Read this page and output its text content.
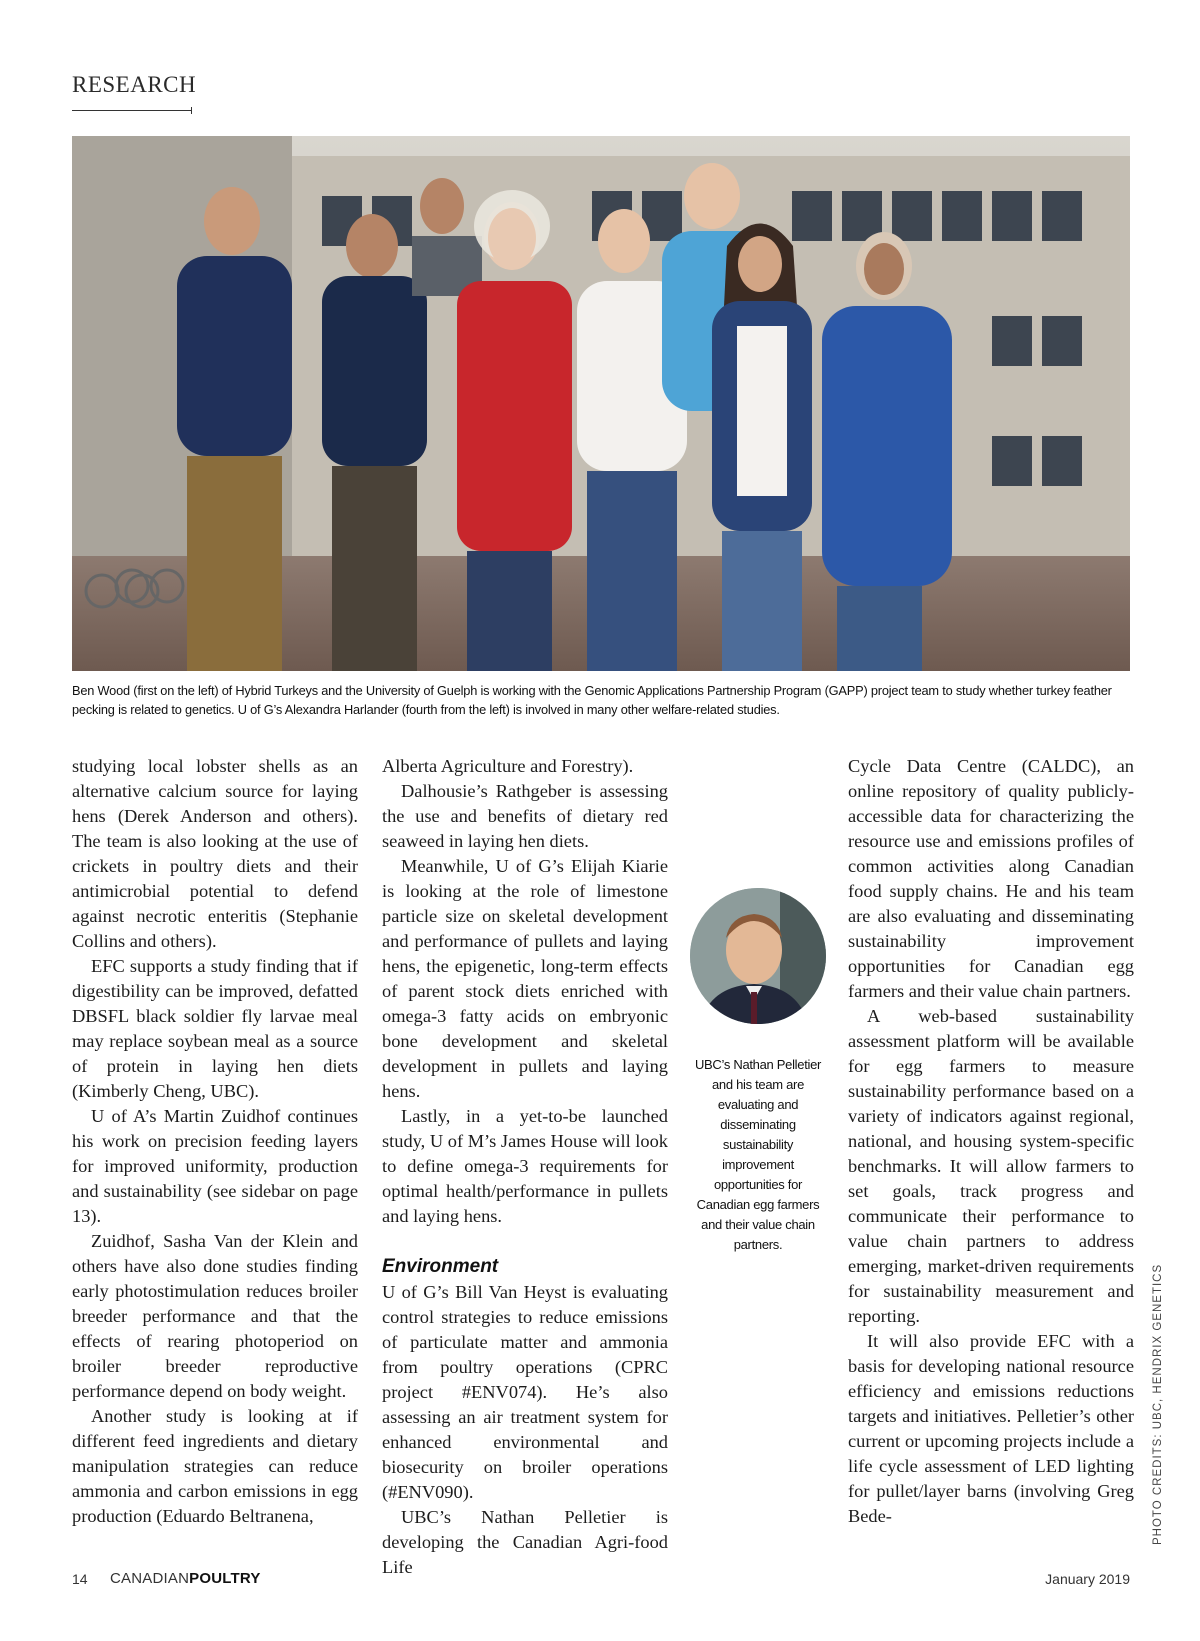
RESEARCH
Ben Wood (first on the left) of Hybrid Turkeys and the University of Guelph is working with the Genomic Applications Partnership Program (GAPP) project team to study whether turkey feather pecking is related to genetics. U of G’s Alexandra Harlander (fourth from the left) is involved in many other welfare-related studies.

studying local lobster shells as an alternative calcium source for laying hens (Derek Anderson and others). The team is also looking at the use of crickets in poultry diets and their antimicrobial potential to defend against necrotic enteritis (Stephanie Collins and others).

EFC supports a study finding that if digestibility can be improved, defatted DBSFL black soldier fly larvae meal may replace soybean meal as a source of protein in laying hen diets (Kimberly Cheng, UBC).

U of A’s Martin Zuidhof continues his work on precision feeding layers for improved uniformity, production and sustainability (see sidebar on page 13).

Zuidhof, Sasha Van der Klein and others have also done studies finding early photostimulation reduces broiler breeder performance and that the effects of rearing photoperiod on broiler breeder reproductive performance depend on body weight.

Another study is looking at if different feed ingredients and dietary manipulation strategies can reduce ammonia and carbon emissions in egg production (Eduardo Beltranena,

Alberta Agriculture and Forestry).

Dalhousie’s Rathgeber is assessing the use and benefits of dietary red seaweed in laying hen diets.

Meanwhile, U of G’s Elijah Kiarie is looking at the role of limestone particle size on skeletal development and performance of pullets and laying hens, the epigenetic, long-term effects of parent stock diets enriched with omega-3 fatty acids on embryonic bone development and skeletal development in pullets and laying hens.

Lastly, in a yet-to-be launched study, U of M’s James House will look to define omega-3 requirements for optimal health/performance in pullets and laying hens.

Environment

U of G’s Bill Van Heyst is evaluating control strategies to reduce emissions of particulate matter and ammonia from poultry operations (CPRC project #ENV074). He’s also assessing an air treatment system for enhanced environmental and biosecurity on broiler operations (#ENV090).

UBC’s Nathan Pelletier is developing the Canadian Agri-food Life

UBC’s Nathan Pelletier and his team are evaluating and disseminating sustainability improvement opportunities for Canadian egg farmers and their value chain partners.

Cycle Data Centre (CALDC), an online repository of quality publicly-accessible data for characterizing the resource use and emissions profiles of common activities along Canadian food supply chains. He and his team are also evaluating and disseminating sustainability improvement opportunities for Canadian egg farmers and their value chain partners.

A web-based sustainability assessment platform will be available for egg farmers to measure sustainability performance based on a variety of indicators against regional, national, and housing system-specific benchmarks. It will allow farmers to set goals, track progress and communicate their performance to value chain partners to address emerging, market-driven requirements for sustainability measurement and reporting.

It will also provide EFC with a basis for developing national resource efficiency and emissions reductions targets and initiatives. Pelletier’s other current or upcoming projects include a life cycle assessment of LED lighting for pullet/layer barns (involving Greg Bede-	PHOTO CREDITS: UBC, HENDRIX GENETICS
14 CANADIANPOULTRY	January 2019
